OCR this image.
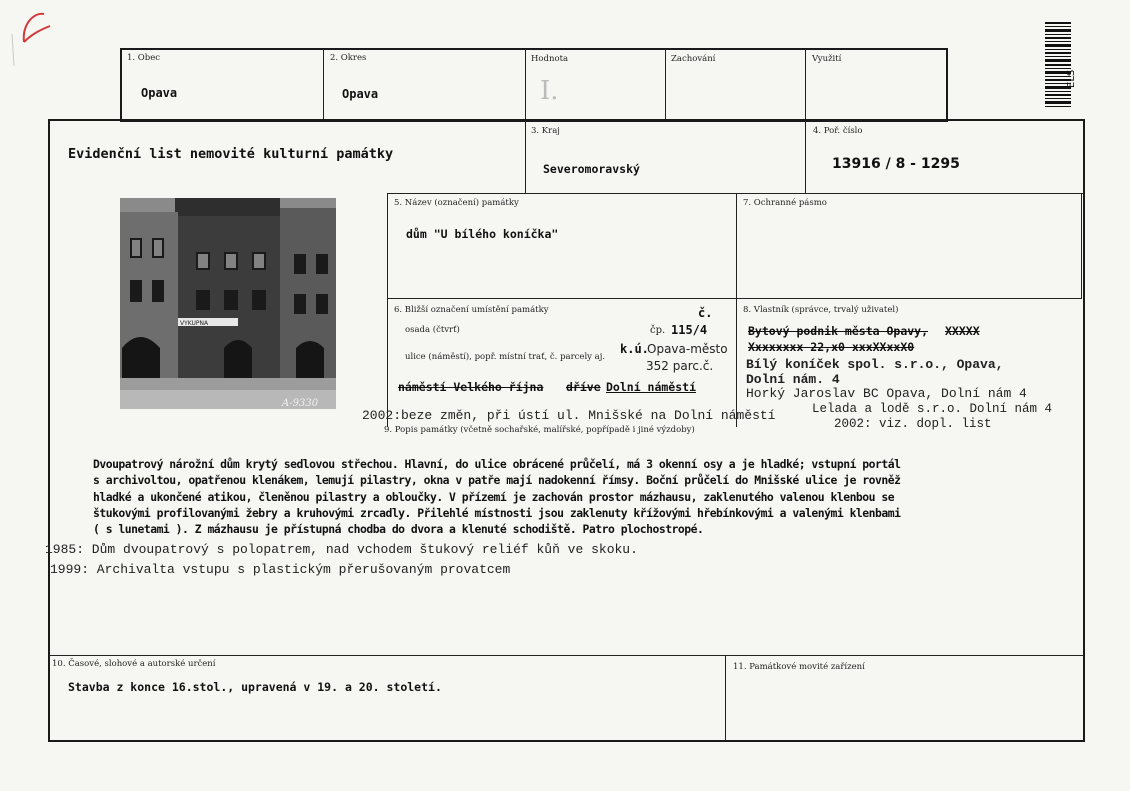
ELS
1. Obec
Opava
2. Okres
Opava
Hodnota
I.
Zachování	Využití
Evidenční list nemovité kulturní památky
3. Kraj
Severomoravský
4. Poř. číslo
13916 / 8 - 1295
VYKUPNA
A-9330
5. Název (označení) památky
dům "U bílého koníčka"
7. Ochranné pásmo
6. Bližší označení umístění památky	č.
osada (čtvrť)	čp. 115/4
k.ú.
Opava-město
ulice (náměstí), popř. místní trať, č. parcely aj.
352 parc.č.
náměstí Velkého října dříve Dolní náměstí
2002:beze změn, při ústí ul. Mnišské na Dolní náměstí
8. Vlastník (správce, trvalý uživatel)
Bytový podnik města Opavy, XXXXX
Xxxxxxxx 22,x0 xxxXXxxX0
Bílý koníček spol. s.r.o., Opava,
Dolní nám. 4
Horký Jaroslav BC Opava, Dolní nám 4
Lelada a lodě s.r.o. Dolní nám 4
2002: viz. dopl. list
9. Popis památky (včetně sochařské, malířské, popřípadě i jiné výzdoby)
Dvoupatrový nárožní dům krytý sedlovou střechou. Hlavní, do ulice obrácené průčelí, má 3 okenní osy a je hladké; vstupní portál
s archivoltou, opatřenou klenákem, lemují pilastry, okna v patře mají nadokenní římsy. Boční průčelí do Mnišské ulice je rovněž
hladké a ukončené atikou, členěnou pilastry a obloučky. V přízemí je zachován prostor mázhausu, zaklenutého valenou klenbou se
štukovými profilovanými žebry a kruhovými zrcadly. Přilehlé místnosti jsou zaklenuty křížovými hřebínkovými a valenými klenbami
( s lunetami ). Z mázhausu je přístupná chodba do dvora a klenuté schodiště. Patro plochostropé.
1985: Dům dvoupatrový s polopatrem, nad vchodem štukový reliéf kůň ve skoku.
1999: Archivalta vstupu s plastickým přerušovaným provatcem
10. Časové, slohové a autorské určení
Stavba z konce 16.stol., upravená v 19. a 20. století.
11. Památkové movité zařízení
